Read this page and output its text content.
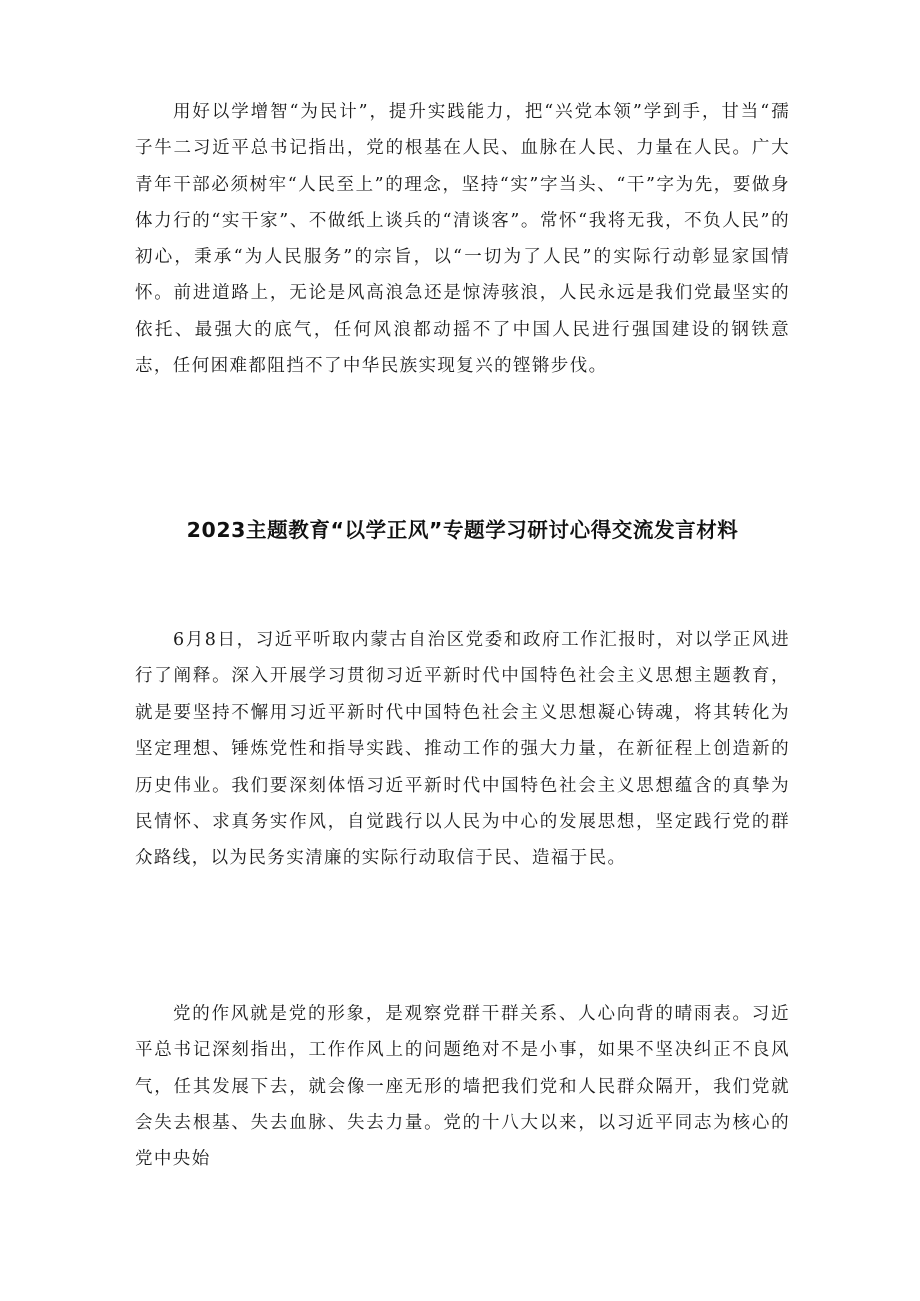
用好以学增智“为民计”，提升实践能力，把“兴党本领”学到手，甘当“孺子牛二习近平总书记指出，党的根基在人民、血脉在人民、力量在人民。广大青年干部必须树牢“人民至上”的理念，坚持“实”字当头、“干”字为先，要做身体力行的“实干家”、不做纸上谈兵的“清谈客”。常怀“我将无我，不负人民”的初心，秉承“为人民服务”的宗旨，以“一切为了人民”的实际行动彰显家国情怀。前进道路上，无论是风高浪急还是惊涛骇浪，人民永远是我们党最坚实的依托、最强大的底气，任何风浪都动摇不了中国人民进行强国建设的钢铁意志，任何困难都阻挡不了中华民族实现复兴的铿锵步伐。

2023主题教育“以学正风”专题学习研讨心得交流发言材料

6月8日，习近平听取内蒙古自治区党委和政府工作汇报时，对以学正风进行了阐释。深入开展学习贯彻习近平新时代中国特色社会主义思想主题教育，就是要坚持不懈用习近平新时代中国特色社会主义思想凝心铸魂，将其转化为坚定理想、锤炼党性和指导实践、推动工作的强大力量，在新征程上创造新的历史伟业。我们要深刻体悟习近平新时代中国特色社会主义思想蕴含的真挚为民情怀、求真务实作风，自觉践行以人民为中心的发展思想，坚定践行党的群众路线，以为民务实清廉的实际行动取信于民、造福于民。

党的作风就是党的形象，是观察党群干群关系、人心向背的晴雨表。习近平总书记深刻指出，工作作风上的问题绝对不是小事，如果不坚决纠正不良风气，任其发展下去，就会像一座无形的墙把我们党和人民群众隔开，我们党就会失去根基、失去血脉、失去力量。党的十八大以来，以习近平同志为核心的党中央始
